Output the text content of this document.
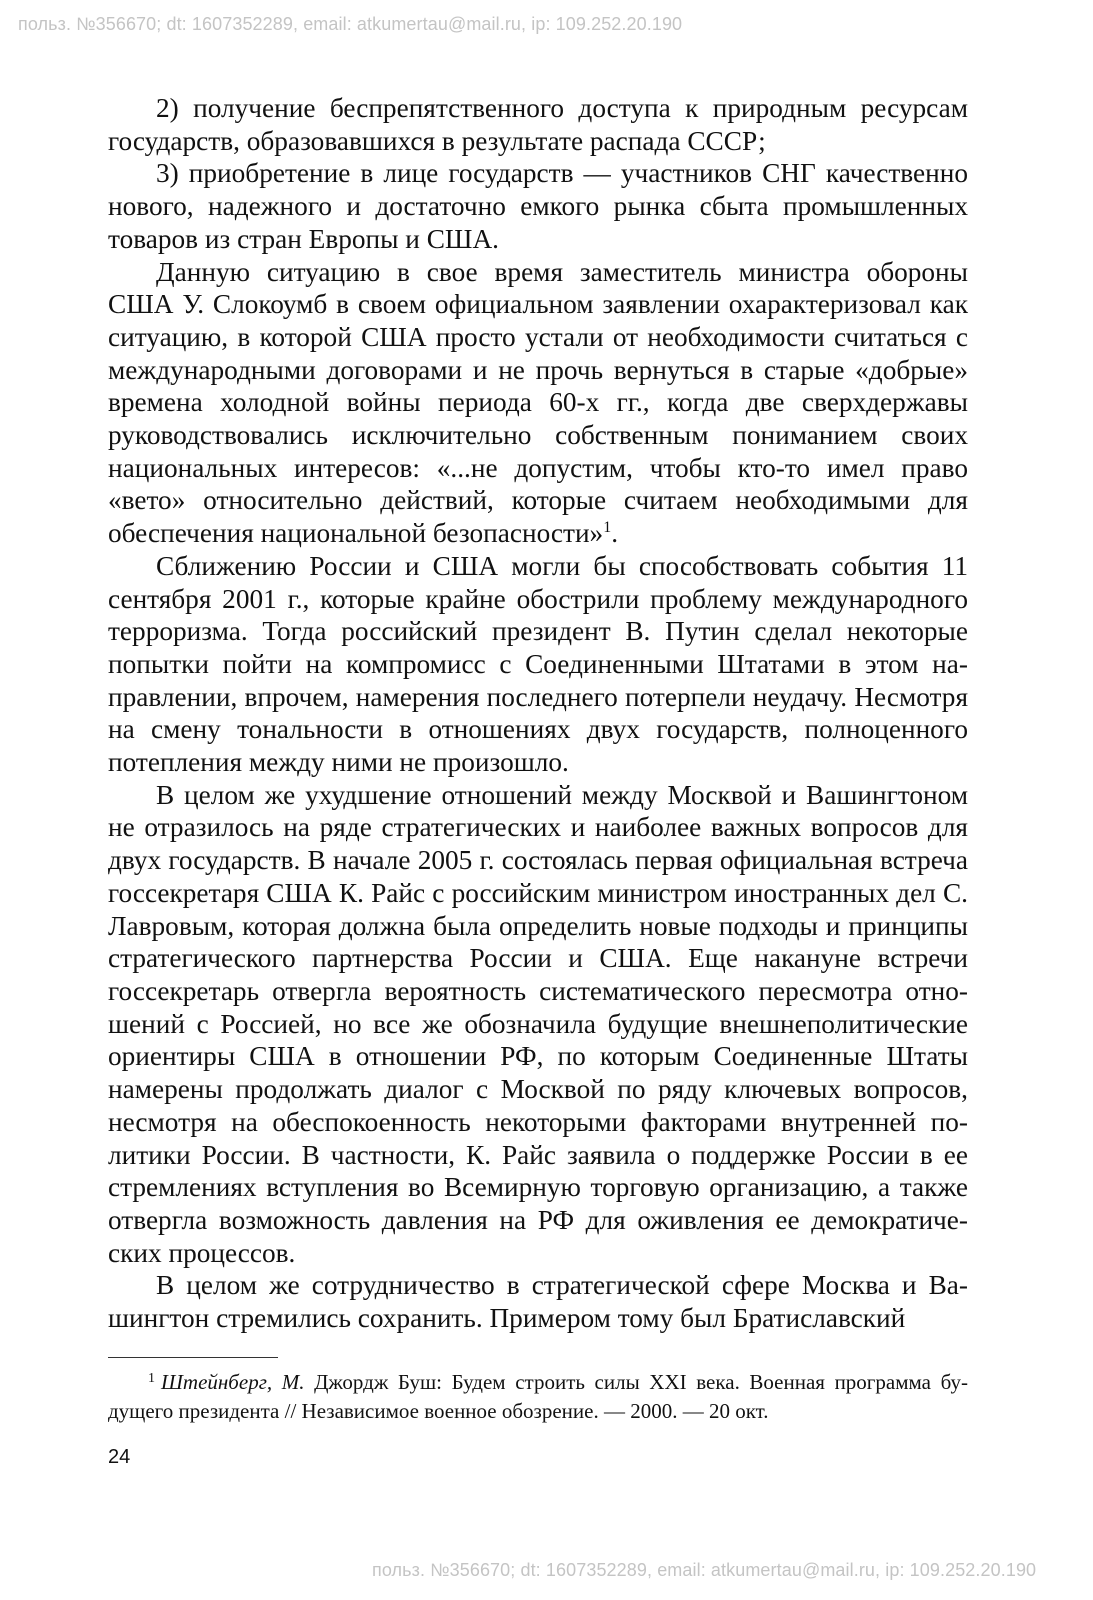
польз. №356670; dt: 1607352289, email: atkumertau@mail.ru, ip: 109.252.20.190

2) получение беспрепятственного доступа к природным ресурсам государств, образовавшихся в результате распада СССР;

3) приобретение в лице государств — участников СНГ качественно нового, надежного и достаточно емкого рынка сбыта промышленных товаров из стран Европы и США.

Данную ситуацию в свое время заместитель министра обороны США У. Слокоумб в своем официальном заявлении охарактеризовал как ситуацию, в которой США просто устали от необходимости считаться с международными договорами и не прочь вернуться в старые «добрые» времена холодной войны периода 60-х гг., когда две сверхдержавы руководствовались исключительно собственным пониманием своих национальных интересов: «...не допустим, чтобы кто-то имел право «вето» относительно действий, которые считаем необходимыми для обеспечения национальной безопасности»$^1$.

Сближению России и США могли бы способствовать события 11 сентября 2001 г., которые крайне обострили проблему международного терроризма. Тогда российский президент В. Путин сделал некоторые попытки пойти на компромисс с Соединенными Штатами в этом направлении, впрочем, намерения последнего потерпели неудачу. Несмотря на смену тональности в отношениях двух государств, полноценного потепления между ними не произошло.

В целом же ухудшение отношений между Москвой и Вашингтоном не отразилось на ряде стратегических и наиболее важных вопросов для двух государств. В начале 2005 г. состоялась первая официальная встреча госсекретаря США К. Райс с российским министром иностранных дел С. Лавровым, которая должна была определить новые подходы и принципы стратегического партнерства России и США. Еще накануне встречи госсекретарь отвергла вероятность систематического пересмотра отношений с Россией, но все же обозначила будущие внешнеполитические ориентиры США в отношении РФ, по которым Соединенные Штаты намерены продолжать диалог с Москвой по ряду ключевых вопросов, несмотря на обеспокоенность некоторыми факторами внутренней политики России. В частности, К. Райс заявила о поддержке России в ее стремлениях вступления во Всемирную торговую организацию, а также отвергла возможность давления на РФ для оживления ее демократических процессов.

В целом же сотрудничество в стратегической сфере Москва и Вашингтон стремились сохранить. Примером тому был Братиславский

$^1$ Штейнберг, М. Джордж Буш: Будем строить силы XXI века. Военная программа будущего президента // Независимое военное обозрение. — 2000. — 20 окт.
24
польз. №356670; dt: 1607352289, email: atkumertau@mail.ru, ip: 109.252.20.190
